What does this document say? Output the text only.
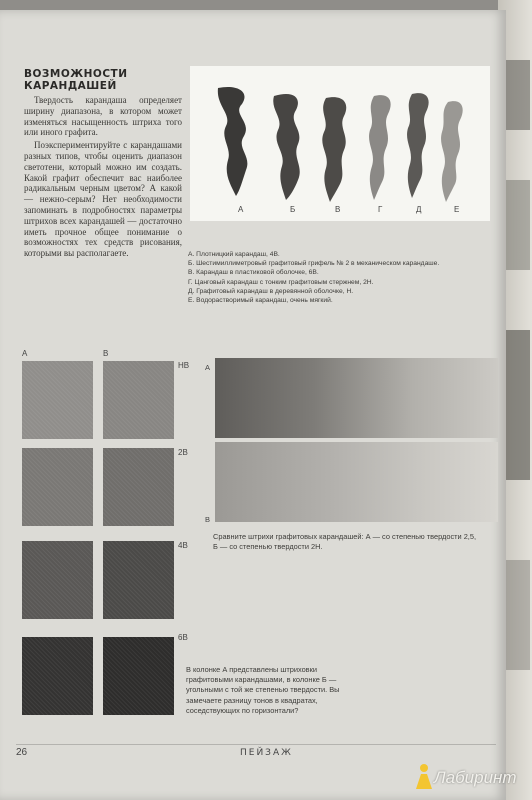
ВОЗМОЖНОСТИ
КАРАНДАШЕЙ

Твердость карандаша определяет ширину диапазона, в котором может изменяться насыщенность штриха того или иного графита.

Поэкспериментируйте с карандашами разных типов, чтобы оценить диапазон светотени, который можно им создать. Какой графит обеспечит вас наиболее радикальным черным цветом? А какой — нежно-серым? Нет необходимости запоминать в подробностях параметры штрихов всех карандашей — достаточно иметь прочное общее понимание о возможностях тех средств рисования, которыми вы располагаете.

А	Б	В	Г	Д	Е
А. Плотницкий карандаш, 4В.
Б. Шестимиллиметровый графитовый грифель № 2 в механическом карандаше.
В. Карандаш в пластиковой оболочке, 6В.
Г. Цанговый карандаш с тонким графитовым стержнем, 2Н.
Д. Графитовый карандаш в деревянной оболочке, Н.
Е. Водорастворимый карандаш, очень мягкий.
А	В
НВ
2В
4В
6В
А
В
Сравните штрихи графитовых карандашей: А — со степенью твердости 2,5,
Б — со степенью твердости 2Н.

В колонке А представлены штриховки графитовыми карандашами, в колонке Б — угольными с той же степенью твердости. Вы замечаете разницу тонов в квадратах, соседствующих по горизонтали?

26	ПЕЙЗАЖ
Лабиринт
